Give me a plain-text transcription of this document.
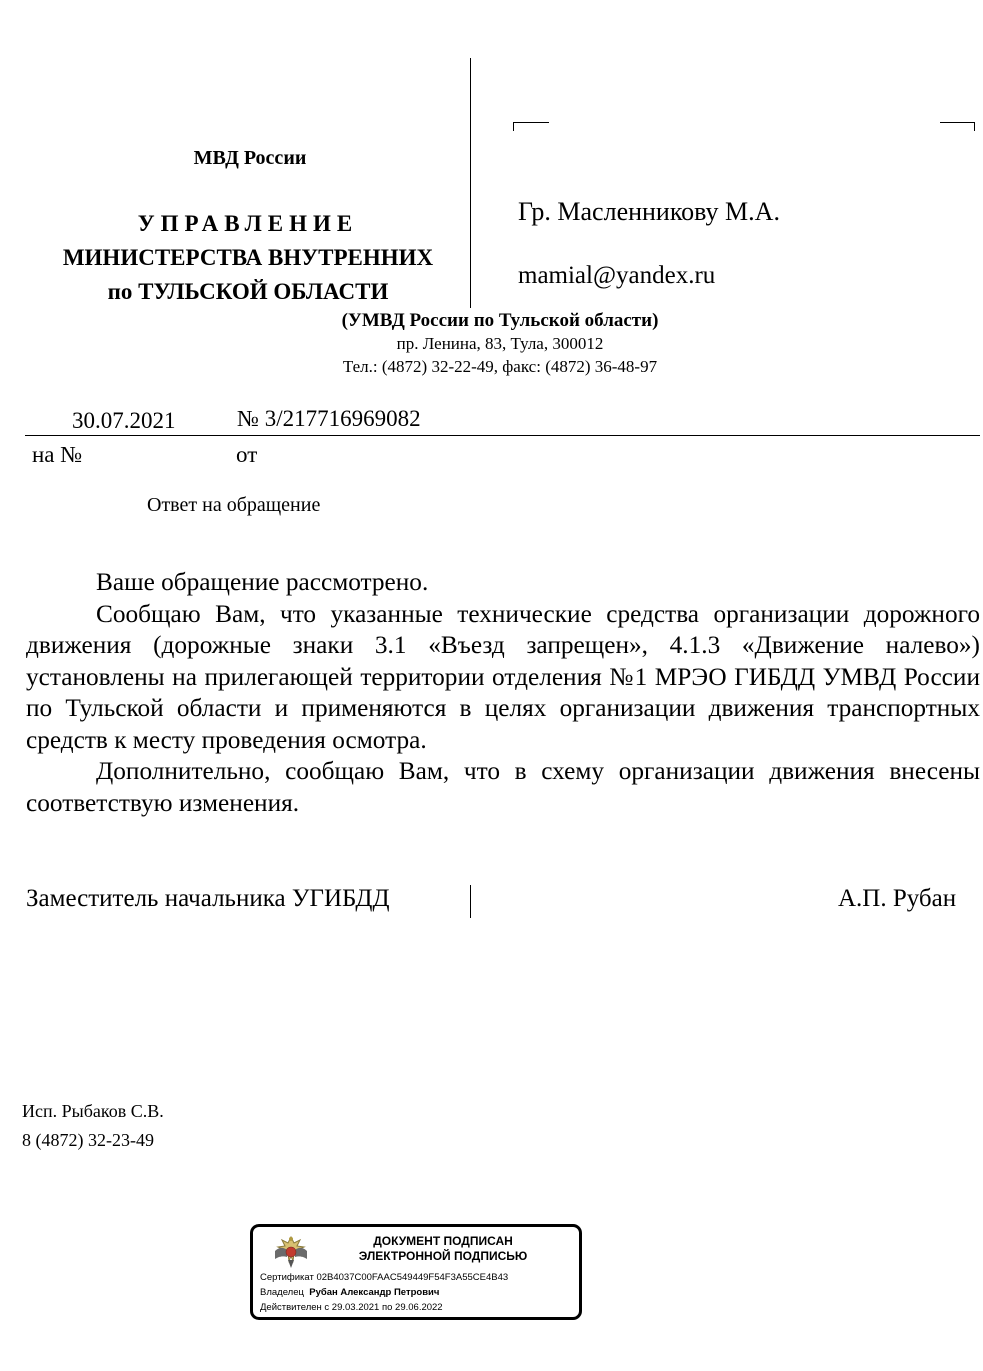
МВД России
УПРАВЛЕНИЕ
МИНИСТЕРСТВА ВНУТРЕННИХ
по ТУЛЬСКОЙ ОБЛАСТИ
(УМВД России по Тульской области)
пр. Ленина, 83, Тула, 300012
Тел.: (4872) 32-22-49, факс: (4872) 36-48-97
Гр. Масленникову М.А.
mamial@yandex.ru
30.07.2021	№ 3/217716969082
на №	от
Ответ на обращение

Ваше обращение рассмотрено.

Сообщаю Вам, что указанные технические средства организации дорожного движения (дорожные знаки 3.1 «Въезд запрещен», 4.1.3 «Движение налево») установлены на прилегающей территории отделения №1 МРЭО ГИБДД УМВД России по Тульской области и применяются в целях организации движения транспортных средств к месту проведения осмотра.

Дополнительно, сообщаю Вам, что в схему организации движения внесены соответствую изменения.

Заместитель начальника УГИБДД	А.П. Рубан
Исп. Рыбаков С.В.
8 (4872) 32-23-49
ДОКУМЕНТ ПОДПИСАН
ЭЛЕКТРОННОЙ ПОДПИСЬЮ
Сертификат 02B4037C00FAAC549449F54F3A55CE4B43
Владелец Рубан Александр Петрович
Действителен с 29.03.2021 по 29.06.2022
